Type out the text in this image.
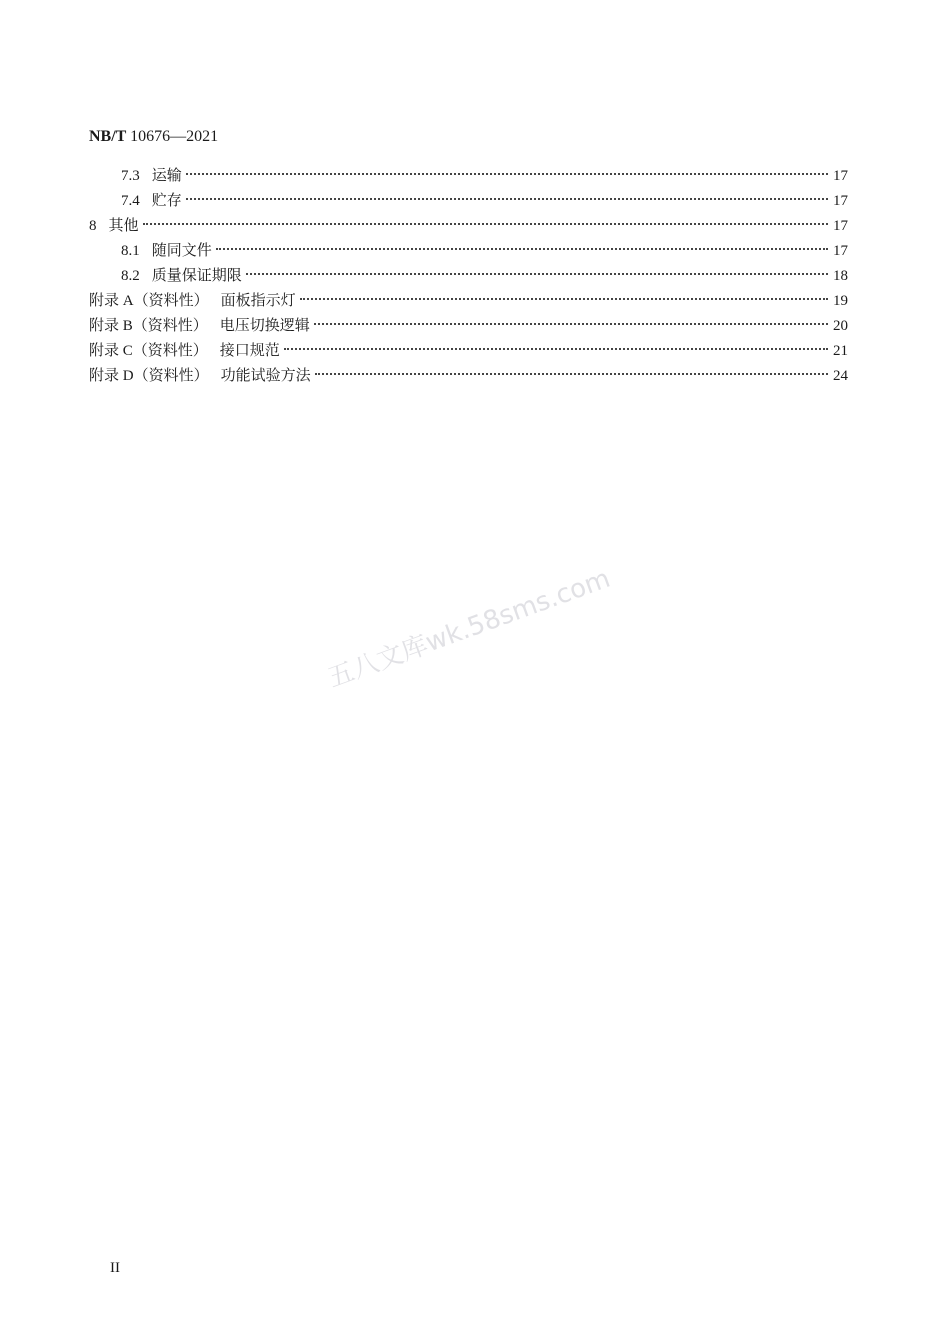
NB/T 10676—2021
7.3 运输	17
7.4 贮存	17
8 其他	17
8.1 随同文件	17
8.2 质量保证期限	18
附录 A（资料性） 面板指示灯	19
附录 B（资料性） 电压切换逻辑	20
附录 C（资料性） 接口规范	21
附录 D（资料性） 功能试验方法	24
五八文库wk.58sms.com
II
